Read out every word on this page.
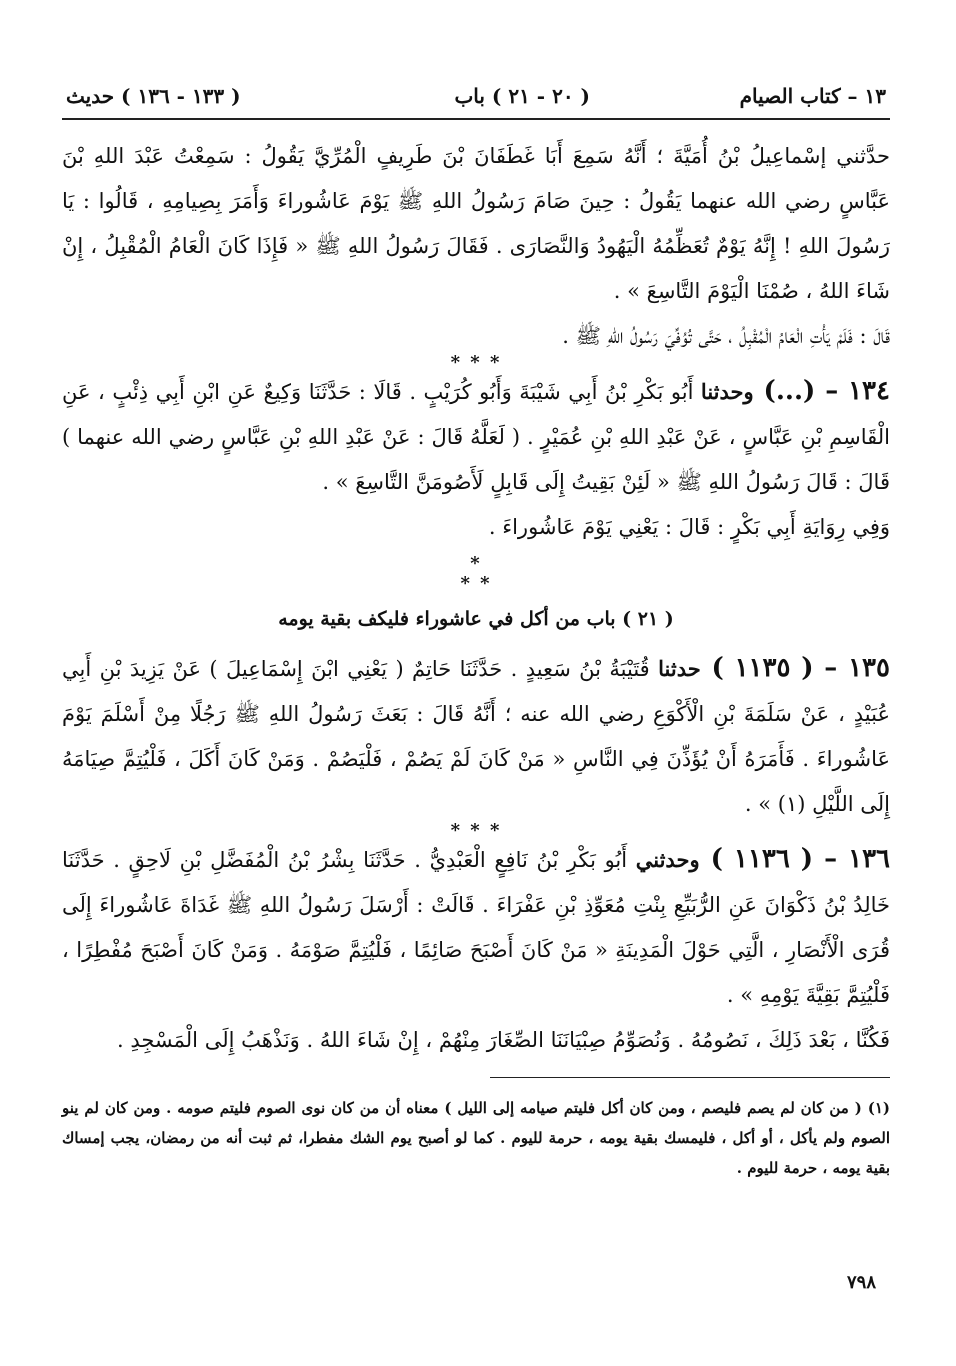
١٣ – كتاب الصيام
( ٢٠ - ٢١ ) باب
( ١٣٣ - ١٣٦ ) حديث

حدَّثني إسْماعِيلُ بْنُ أُمَيَّةَ ؛ أَنَّهُ سَمِعَ أَبَا غَطَفَانَ بْنَ طَرِيفٍ الْمُرِّيَّ يَقُولُ : سَمِعْتُ عَبْدَ اللهِ بْنَ عَبَّاسٍ رضي الله عنهما يَقُولُ : حِينَ صَامَ رَسُولُ اللهِ ﷺ يَوْمَ عَاشُوراءَ وَأَمَرَ بِصِيامِهِ ، قَالُوا : يَا رَسُولَ اللهِ ! إِنَّهُ يَوْمٌ تُعَظِّمُهُ الْيَهُودُ وَالنَّصَارَى . فَقَالَ رَسُولُ اللهِ ﷺ « فَإِذَا كَانَ الْعَامُ الْمُقْبِلُ ، إِنْ شَاءَ اللهُ ، صُمْنَا الْيَوْمَ التَّاسِعَ » .

قَالَ : فَلَمْ يَأْتِ الْعَامُ الْمُقْبِلُ ، حَتَّى تُوُفِّيَ رَسُولُ اللهِ ﷺ .

* * *

١٣٤ – (...) وحدثنا أَبُو بَكْرِ بْنُ أَبِي شَيْبَةَ وَأَبُو كُرَيْبٍ . قَالَا : حَدَّثَنَا وَكِيعٌ عَنِ ابْنِ أَبِي ذِئْبٍ ، عَنِ الْقَاسِمِ بْنِ عَبَّاسٍ ، عَنْ عَبْدِ اللهِ بْنِ عُمَيْرٍ . ( لَعَلَّهُ قَالَ : عَنْ عَبْدِ اللهِ بْنِ عَبَّاسٍ رضي الله عنهما ) قَالَ : قَالَ رَسُولُ اللهِ ﷺ « لَئِنْ بَقِيتُ إِلَى قَابِلٍ لَأَصُومَنَّ التَّاسِعَ » .

وَفِي رِوَايَةِ أَبِي بَكْرٍ : قَالَ : يَعْنِي يَوْمَ عَاشُوراءَ .

*
* *
( ٢١ ) باب من أكل في عاشوراء فليكف بقية يومه

١٣٥ – ( ١١٣٥ ) حدثنا قُتَيْبَةُ بْنُ سَعِيدٍ . حَدَّثَنَا حَاتِمٌ ( يَعْنِي ابْنَ إِسْمَاعِيلَ ) عَنْ يَزِيدَ بْنِ أَبِي عُبَيْدٍ ، عَنْ سَلَمَةَ بْنِ الْأَكْوَعِ رضي الله عنه ؛ أَنَّهُ قَالَ : بَعَثَ رَسُولُ اللهِ ﷺ رَجُلًا مِنْ أَسْلَمَ يَوْمَ عَاشُوراءَ . فَأَمَرَهُ أَنْ يُؤَذِّنَ فِي النَّاسِ « مَنْ كَانَ لَمْ يَصُمْ ، فَلْيَصُمْ . وَمَنْ كَانَ أَكَلَ ، فَلْيُتِمَّ صِيَامَهُ إِلَى اللَّيْلِ (١) » .

* * *

١٣٦ – ( ١١٣٦ ) وحدثني أَبُو بَكْرِ بْنُ نَافِعٍ الْعَبْدِيُّ . حَدَّثَنَا بِشْرُ بْنُ الْمُفَضَّلِ بْنِ لَاحِقٍ . حَدَّثَنَا خَالِدُ بْنُ ذَكْوَانَ عَنِ الرُّبَيِّعِ بِنْتِ مُعَوِّذِ بْنِ عَفْرَاءَ . قَالَتْ : أَرْسَلَ رَسُولُ اللهِ ﷺ غَدَاةَ عَاشُوراءَ إِلَى قُرَى الْأَنْصَارِ ، الَّتِي حَوْلَ الْمَدِينَةِ « مَنْ كَانَ أَصْبَحَ صَائِمًا ، فَلْيُتِمَّ صَوْمَهُ . وَمَنْ كَانَ أَصْبَحَ مُفْطِرًا ، فَلْيُتِمَّ بَقِيَّةَ يَوْمِهِ » .

فَكُنَّا ، بَعْدَ ذَلِكَ ، نَصُومُهُ . وَنُصَوِّمُ صِبْيَانَنَا الصِّغَارَ مِنْهُمْ ، إِنْ شَاءَ اللهُ . وَنَذْهَبُ إِلَى الْمَسْجِدِ .

(١) ( من كان لم يصم فليصم ، ومن كان أكل فليتم صيامه إلى الليل ) معناه أن من كان نوى الصوم فليتم صومه . ومن كان لم ينو الصوم ولم يأكل ، أو أكل ، فليمسك بقية يومه ، حرمة لليوم . كما لو أصبح يوم الشك مفطرا، ثم ثبت أنه من رمضان، يجب إمساك بقية يومه ، حرمة لليوم .

٧٩٨
